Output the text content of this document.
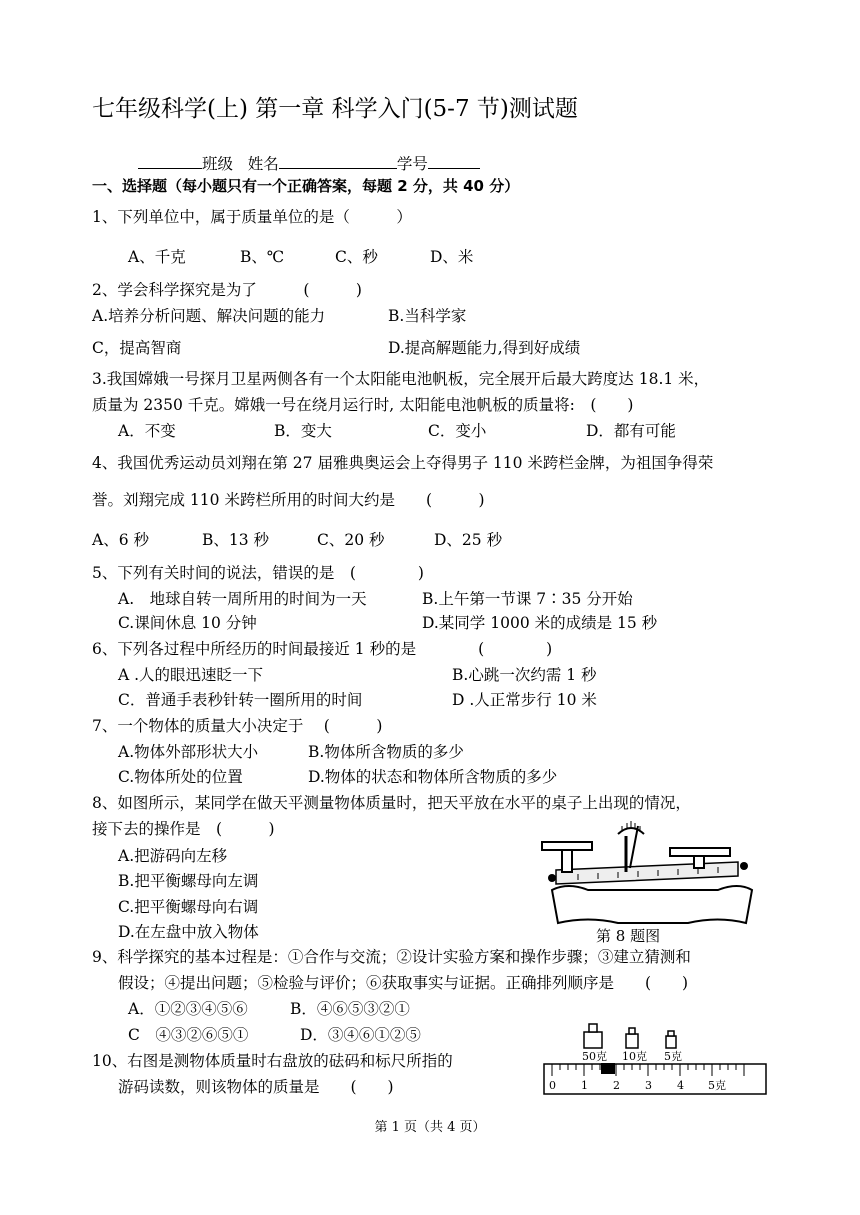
七年级科学(上) 第一章 科学入门(5-7 节)测试题
班级 姓名	学号
一、选择题（每小题只有一个正确答案，每题 2 分，共 40 分）
1、下列单位中，属于质量单位的是（　　　）
A、千克	B、℃	C、秒	D、米
2、学会科学探究是为了　　　(　　　)
A.培养分析问题、解决问题的能力	B.当科学家
C，提高智商	D.提高解题能力,得到好成绩
3.我国嫦娥一号探月卫星两侧各有一个太阳能电池帆板，完全展开后最大跨度达 18.1 米，
质量为 2350 千克。嫦娥一号在绕月运行时, 太阳能电池帆板的质量将:　(　　)
A．不变	B．变大	C．变小	D．都有可能
4、我国优秀运动员刘翔在第 27 届雅典奥运会上夺得男子 110 米跨栏金牌，为祖国争得荣
誉。刘翔完成 110 米跨栏所用的时间大约是　　(　　　)
A、6 秒	B、13 秒	C、20 秒	D、25 秒
5、下列有关时间的说法，错误的是　(　　　　)
A.　地球自转一周所用的时间为一天	B.上午第一节课 7∶35 分开始
C.课间休息 10 分钟	D.某同学 1000 米的成绩是 15 秒
6、下列各过程中所经历的时间最接近 1 秒的是　　　　(　　　　)
A .人的眼迅速眨一下	B.心跳一次约需 1 秒
C．普通手表秒针转一圈所用的时间	D .人正常步行 10 米
7、一个物体的质量大小决定于　 (　　　)
A.物体外部形状大小	B.物体所含物质的多少
C.物体所处的位置	D.物体的状态和物体所含物质的多少
8、如图所示，某同学在做天平测量物体质量时，把天平放在水平的桌子上出现的情况，
接下去的操作是　(　　　)
A.把游码向左移
B.把平衡螺母向左调
C.把平衡螺母向右调
D.在左盘中放入物体	第 8 题图
9、科学探究的基本过程是：①合作与交流；②设计实验方案和操作步骤；③建立猜测和
假设；④提出问题；⑤检验与评价；⑥获取事实与证据。正确排列顺序是　　(　　)
A．①②③④⑤⑥	B．④⑥⑤③②①
C　④③②⑥⑤①	D．③④⑥①②⑤
10、右图是测物体质量时右盘放的砝码和标尺所指的
游码读数，则该物体的质量是　　(　　)
50克 10克 5克
0 1 2 3 4 5克
第 1 页（共 4 页）
